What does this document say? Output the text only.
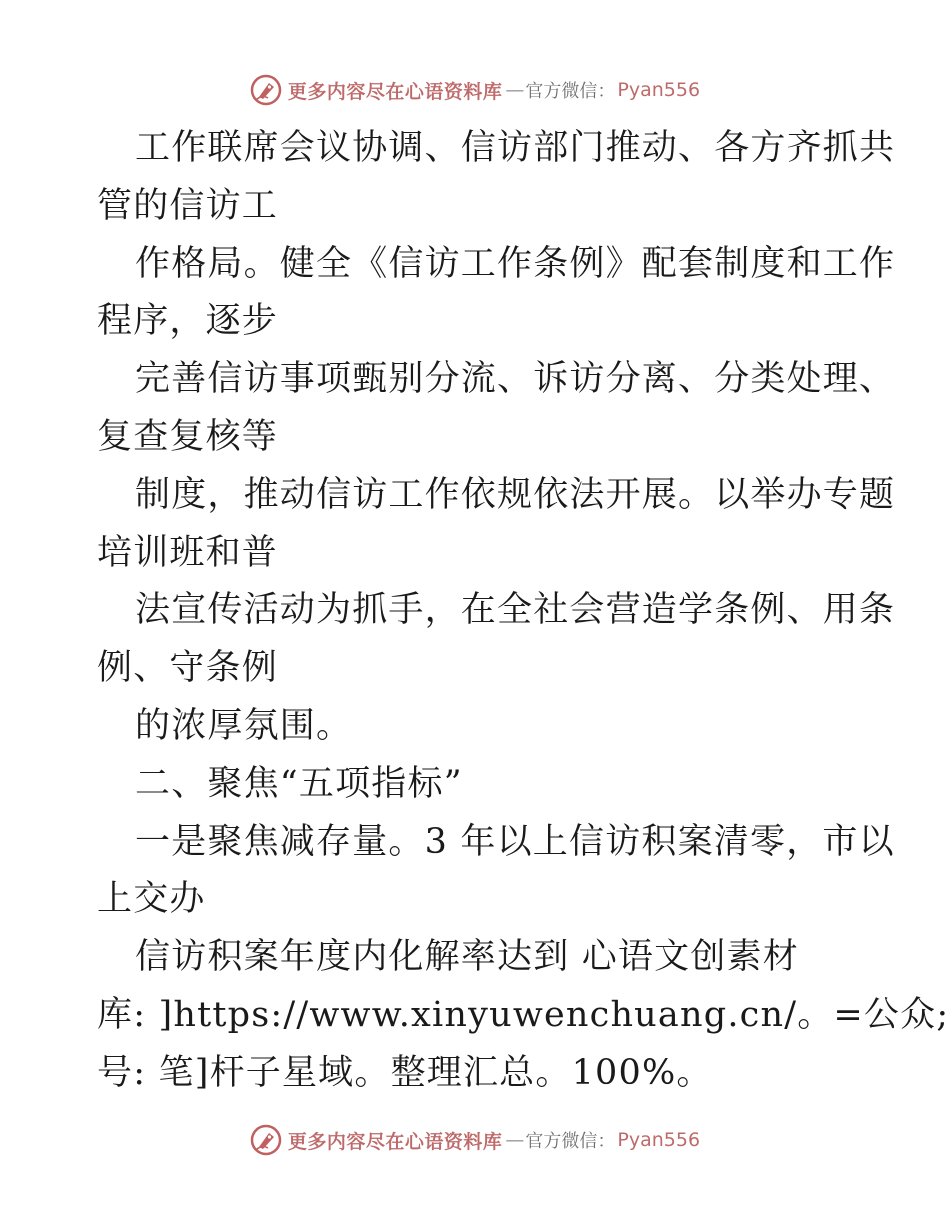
更多内容尽在心语资料库 — 官方微信： Pyan556
工作联席会议协调、信访部门推动、各方齐抓共
管的信访工
作格局。健全《信访工作条例》配套制度和工作
程序，逐步
完善信访事项甄别分流、诉访分离、分类处理、
复查复核等
制度，推动信访工作依规依法开展。以举办专题
培训班和普
法宣传活动为抓手，在全社会营造学条例、用条
例、守条例
的浓厚氛围。
二、聚焦“五项指标”
一是聚焦减存量。3 年以上信访积案清零，市以
上交办
信访积案年度内化解率达到 心语文创素材
库: ]https://www.xinyuwenchuang.cn/。=公众;
号: 笔]杆子星域。整理汇总。100%。
更多内容尽在心语资料库 — 官方微信： Pyan556
